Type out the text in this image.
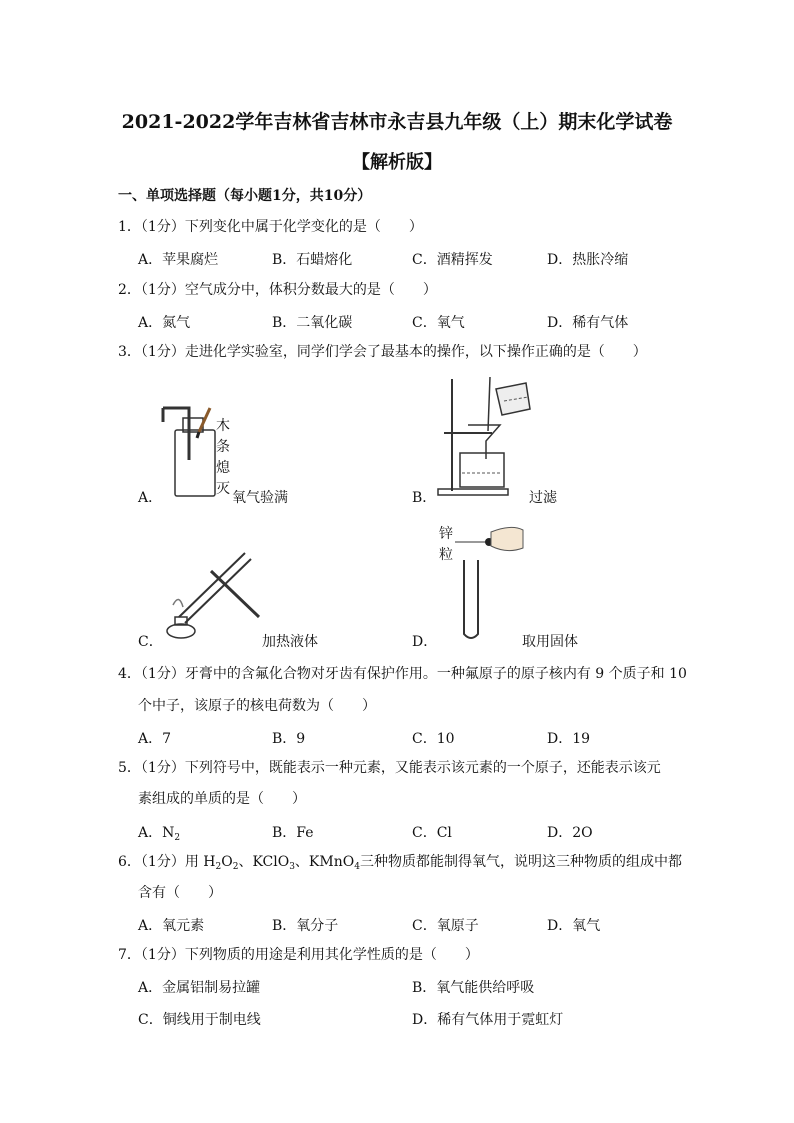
2021-2022学年吉林省吉林市永吉县九年级（上）期末化学试卷
【解析版】
一、单项选择题（每小题1分，共10分）
1．（1分）下列变化中属于化学变化的是（　　）
A．苹果腐烂	B．石蜡熔化	C．酒精挥发	D．热胀冷缩
2．（1分）空气成分中，体积分数最大的是（　　）
A．氮气	B．二氧化碳	C．氧气	D．稀有气体
3．（1分）走进化学实验室，同学们学会了最基本的操作，以下操作正确的是（　　）
木
条
熄
灭
A．	氧气验满	B．	过滤
C．	加热液体
锌
粒
D．	取用固体
4．（1分）牙膏中的含氟化合物对牙齿有保护作用。一种氟原子的原子核内有 9 个质子和 10
个中子，该原子的核电荷数为（　　）
A．7	B．9	C．10	D．19
5．（1分）下列符号中，既能表示一种元素，又能表示该元素的一个原子，还能表示该元
素组成的单质的是（　　）
A．$N_2$	B．Fe	C．Cl	D．2O
6．（1分）用 $H_2O_2$、KClO$_3$、KMnO$_4$三种物质都能制得氧气，说明这三种物质的组成中都
含有（　　）
A．氧元素	B．氧分子	C．氧原子	D．氧气
7．（1分）下列物质的用途是利用其化学性质的是（　　）
A．金属铝制易拉罐	B．氧气能供给呼吸
C．铜线用于制电线	D．稀有气体用于霓虹灯
